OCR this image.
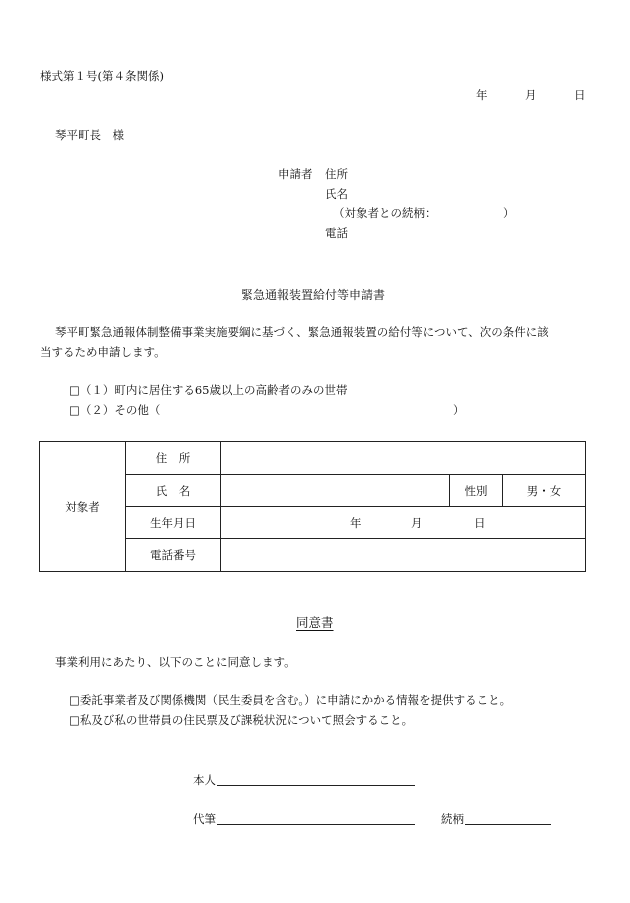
様式第１号(第４条関係)
年	月	日
琴平町長　様
申請者 住所
氏名
（対象者との続柄：	）
電話
緊急通報装置給付等申請書
琴平町緊急通報体制整備事業実施要綱に基づく、緊急通報装置の給付等について、次の条件に該
当するため申請します。
□（１）町内に居住する65歳以上の高齢者のみの世帯
□（２）その他（	）
対象者	住　所			
	氏　名		性別	男・女
	生年月日	年 月 日		

	電話番号			
同意書
事業利用にあたり、以下のことに同意します。
□委託事業者及び関係機関（民生委員を含む。）に申請にかかる情報を提供すること。
□私及び私の世帯員の住民票及び課税状況について照会すること。
本人
代筆	続柄
